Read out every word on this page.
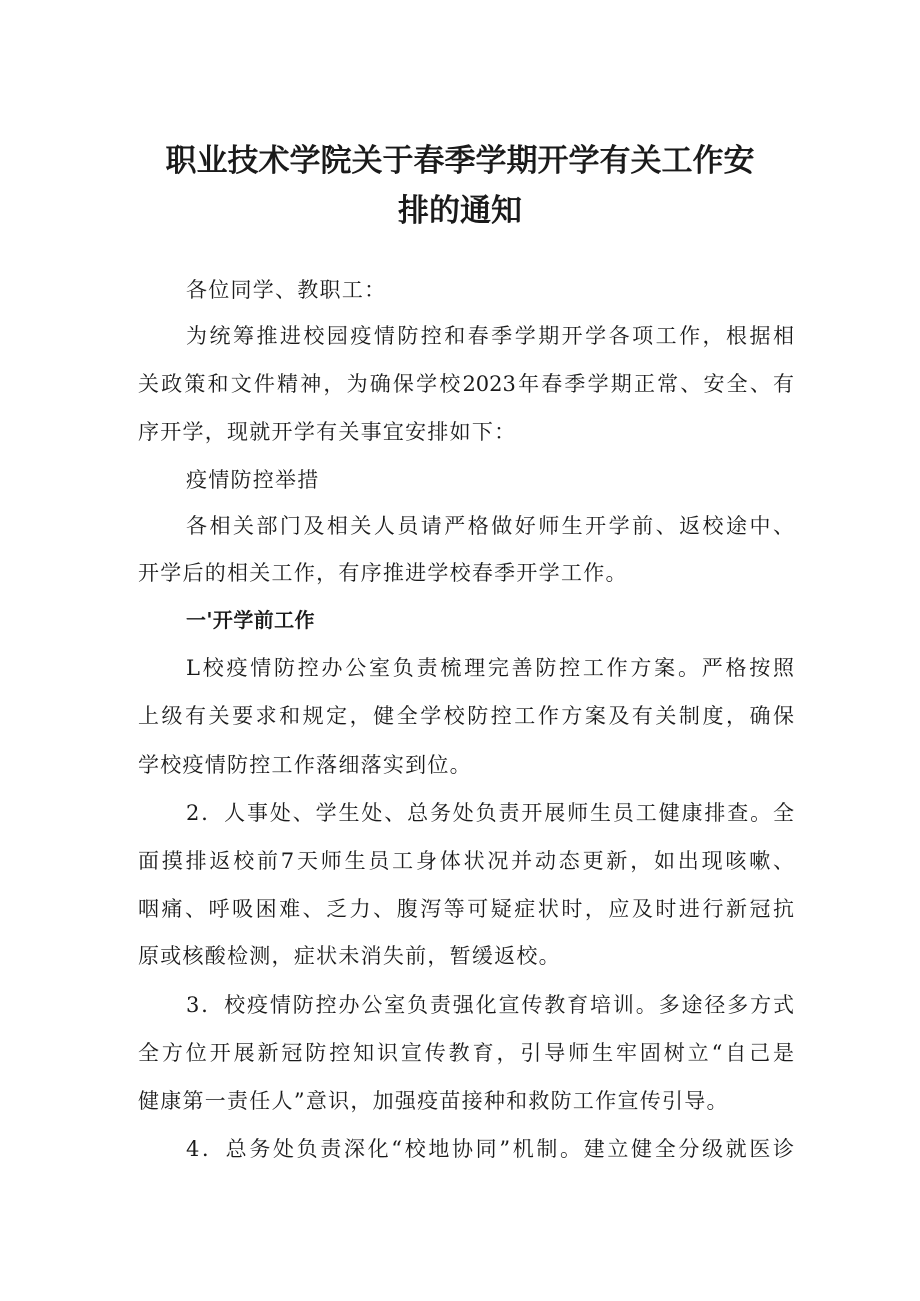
职业技术学院关于春季学期开学有关工作安
排的通知
各位同学、教职工：
为统筹推进校园疫情防控和春季学期开学各项工作，根据相
关政策和文件精神，为确保学校2023年春季学期正常、安全、有
序开学，现就开学有关事宜安排如下：
疫情防控举措
各相关部门及相关人员请严格做好师生开学前、返校途中、
开学后的相关工作，有序推进学校春季开学工作。
一'开学前工作
L校疫情防控办公室负责梳理完善防控工作方案。严格按照
上级有关要求和规定，健全学校防控工作方案及有关制度，确保
学校疫情防控工作落细落实到位。
2．人事处、学生处、总务处负责开展师生员工健康排查。全
面摸排返校前7天师生员工身体状况并动态更新，如出现咳嗽、
咽痛、呼吸困难、乏力、腹泻等可疑症状时，应及时进行新冠抗
原或核酸检测，症状未消失前，暂缓返校。
3．校疫情防控办公室负责强化宣传教育培训。多途径多方式
全方位开展新冠防控知识宣传教育，引导师生牢固树立“自己是
健康第一责任人”意识，加强疫苗接种和救防工作宣传引导。
4．总务处负责深化“校地协同”机制。建立健全分级就医诊
